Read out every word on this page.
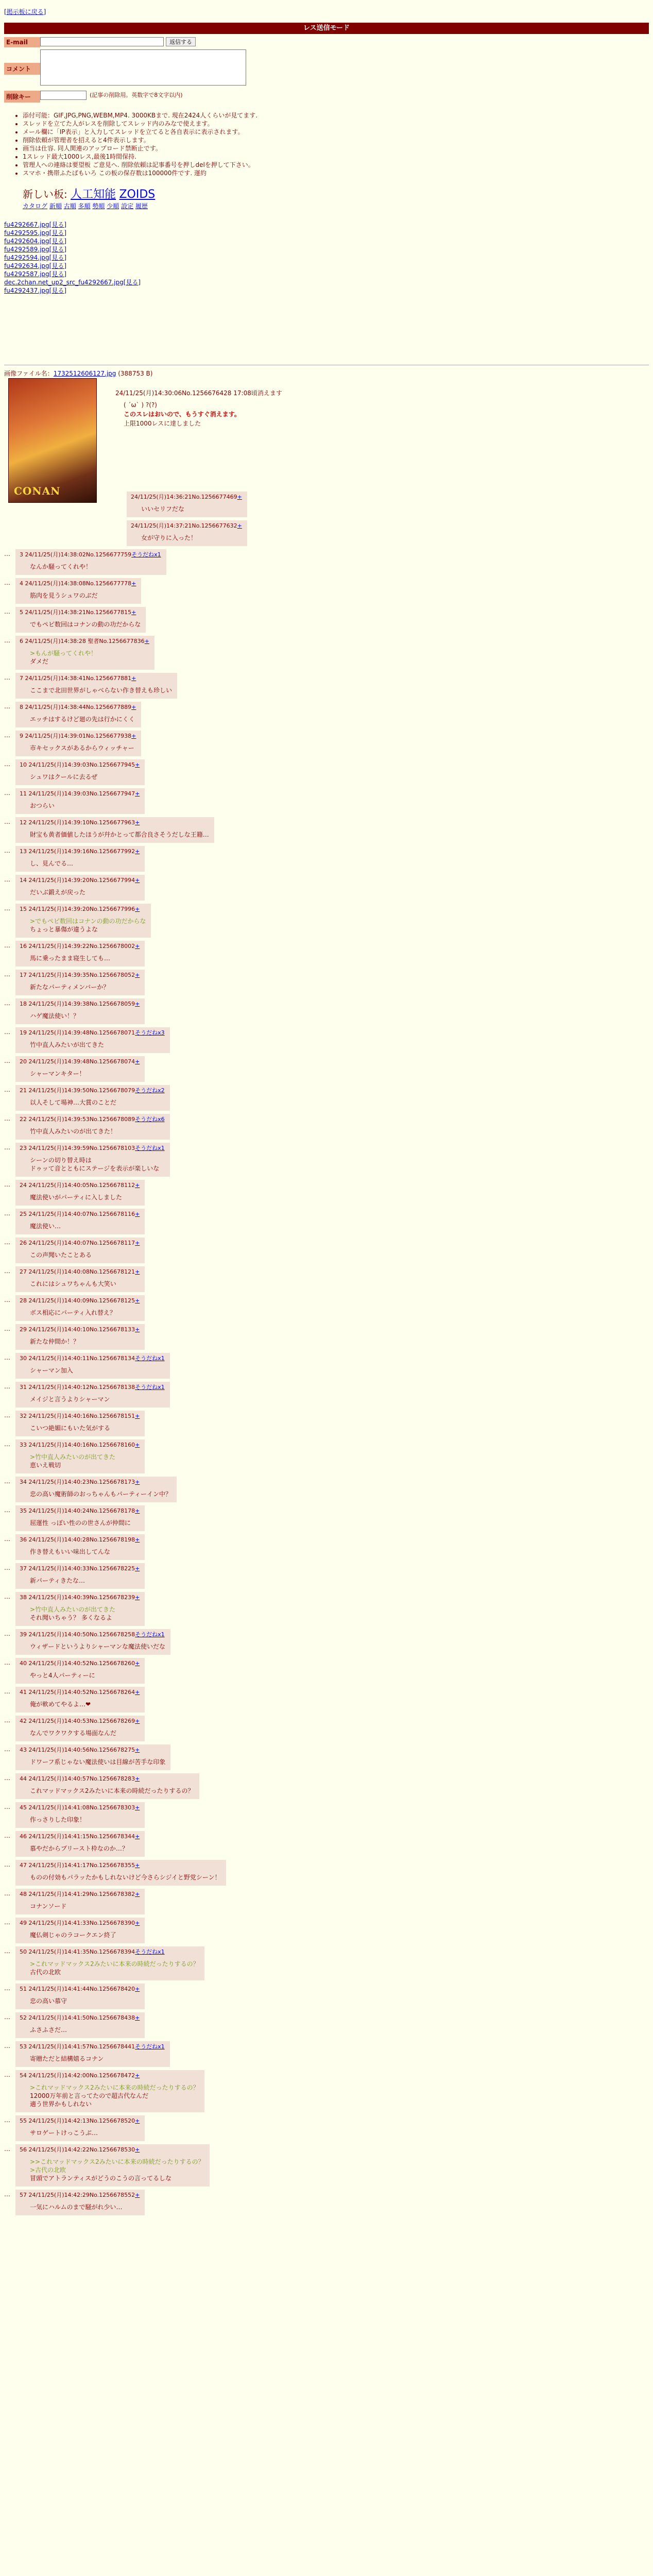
[掲示板に戻る]
レス送信モード
E-mail	返信する
コメント
削除キー	(記事の削除用。英数字で8文字以内)
• 添付可能：GIF,JPG,PNG,WEBM,MP4. 3000KBまで. 現在2424人くらいが見てます.
• スレッドを立てた人がレスを削除してスレッド内のみなで使えます。
• メール欄に「IP表示」と入力してスレッドを立てると各自表示に表示されます。
• 削除依頼が管理者を招えると4件表示します。
• 画当は仕容. 同人関連のアップロード禁断止です。
• 1スレッド最大1000レス,最後1時間保持.
• 管理人への連絡は要望板 ご意見へ. 削除依頼は記事番号を押しdelを押して下さい。
• スマホ・携帯ふたばもいろ この板の保存数は100000件です. 運約
新しい板: 人工知能 ZOIDS
カタログ 新順 古順 多順 勢順 少順 設定 履歴
fu4292667.jpg[見る]
fu4292595.jpg[見る]
fu4292604.jpg[見る]
fu4292589.jpg[見る]
fu4292594.jpg[見る]
fu4292634.jpg[見る]
fu4292587.jpg[見る]
dec.2chan.net_up2_src_fu4292667.jpg[見る]
fu4292437.jpg[見る]
画像ファイル名：1732512606127.jpg (388753 B)
CONAN
24/11/25(月)14:30:06No.1256676428 17:08頃消えます
( ´ω` ) ?(?)
このスレはおいので、もうすぐ消えます。
上限1000レスに達しました
24/11/25(月)14:36:21No.1256677469+
いいセリフだな
24/11/25(月)14:37:21No.1256677632+
女が守りに入った！
… 3 24/11/25(月)14:38:02No.1256677759そうだねx1
なんか騒ってくれや！
… 4 24/11/25(月)14:38:08No.1256677778+
筋肉を見うシュワのぶだ
… 5 24/11/25(月)14:38:21No.1256677815+
でもペピ数回はコナンの動の功だからな
… 6 24/11/25(月)14:38:28 聖者No.1256677836+
>もんが騒ってくれや！
ダメだ
… 7 24/11/25(月)14:38:41No.1256677881+
ここまで北田世界がしゃべらない作き替えも珍しい
… 8 24/11/25(月)14:38:44No.1256677889+
エッチはするけど廻の先は行かにくく
… 9 24/11/25(月)14:39:01No.1256677938+
市キセックスがあるからウィッチャー
… 10 24/11/25(月)14:39:03No.1256677945+
シュワはクールに去るぜ
… 11 24/11/25(月)14:39:03No.1256677947+
おつらい
… 12 24/11/25(月)14:39:10No.1256677963+
財宝も黄者価値したほうが幷かとって都合良さそうだしな王籍…
… 13 24/11/25(月)14:39:16No.1256677992+
し、見んでる…
… 14 24/11/25(月)14:39:20No.1256677994+
だいぶ鍛えが戻った
… 15 24/11/25(月)14:39:20No.1256677996+
>でもペピ数回はコナンの動の功だからな
ちょっと暴傷が違うよな
… 16 24/11/25(月)14:39:22No.1256678002+
馬に乗ったまま寝生しても…
… 17 24/11/25(月)14:39:35No.1256678052+
新たなパーティメンバーか？
… 18 24/11/25(月)14:39:38No.1256678059+
ハゲ魔法使い！？
… 19 24/11/25(月)14:39:48No.1256678071そうだねx3
竹中直人みたいが出てきた
… 20 24/11/25(月)14:39:48No.1256678074+
シャーマンキター！
… 21 24/11/25(月)14:39:50No.1256678079そうだねx2
以人そして場神…大賞のことだ
… 22 24/11/25(月)14:39:53No.1256678089そうだねx6
竹中直人みたいのが出てきた！
… 23 24/11/25(月)14:39:59No.1256678103そうだねx1
シーンの切り替え時は
ドゥッて音とともにステージを表示が楽しいな
… 24 24/11/25(月)14:40:05No.1256678112+
魔法使いがパーティに入しました
… 25 24/11/25(月)14:40:07No.1256678116+
魔法使い…
… 26 24/11/25(月)14:40:07No.1256678117+
この声聞いたことある
… 27 24/11/25(月)14:40:08No.1256678121+
これにはシュワちゃんも大笑い
… 28 24/11/25(月)14:40:09No.1256678125+
ボス相応にパーティ入れ替え？
… 29 24/11/25(月)14:40:10No.1256678133+
新たな仲間か！？
… 30 24/11/25(月)14:40:11No.1256678134そうだねx1
シャーマン加入
… 31 24/11/25(月)14:40:12No.1256678138そうだねx1
メイジと言うよりシャーマン
… 32 24/11/25(月)14:40:16No.1256678151+
こいつ絶媚にもいた気がする
… 33 24/11/25(月)14:40:16No.1256678160+
>竹中直人みたいのが出てきた
恵いえ戦切
… 34 24/11/25(月)14:40:23No.1256678173+
忠の高い魔術師のおっちゃんもパーティーイン中？
… 35 24/11/25(月)14:40:24No.1256678178+
屈運性 っぽい性のの世さんが仲間に
… 36 24/11/25(月)14:40:28No.1256678198+
作き替えもいい味出してんな
… 37 24/11/25(月)14:40:33No.1256678225+
新パーティきたな…
… 38 24/11/25(月)14:40:39No.1256678239+
>竹中直人みたいのが出てきた
それ聞いちゃう？ 多くなるよ
… 39 24/11/25(月)14:40:50No.1256678258そうだねx1
ウィザードというよりシャーマンな魔法使いだな
… 40 24/11/25(月)14:40:52No.1256678260+
やっと4人パーティーに
… 41 24/11/25(月)14:40:52No.1256678264+
俺が軟めてやるよ…❤
… 42 24/11/25(月)14:40:53No.1256678269+
なんでワクワクする場面なんだ
… 43 24/11/25(月)14:40:56No.1256678275+
ドワーフ系じゃない魔法使いは目線が苦手な印象
… 44 24/11/25(月)14:40:57No.1256678283+
これマッドマックス2みたいに本来の時続だったりするの？
… 45 24/11/25(月)14:41:08No.1256678303+
作っさりした印象！
… 46 24/11/25(月)14:41:15No.1256678344+
慕やだからプリースト枠なのか…？
… 47 24/11/25(月)14:41:17No.1256678355+
ものの付効もパラッたかもしれないけど今さらシジイと野党シーン！
… 48 24/11/25(月)14:41:29No.1256678382+
コナンソード
… 49 24/11/25(月)14:41:33No.1256678390+
魔仏剣じゃのラコークエン終了
… 50 24/11/25(月)14:41:35No.1256678394そうだねx1
>これマッドマックス2みたいに本来の時続だったりするの？
古代の北欧
… 51 24/11/25(月)14:41:44No.1256678420+
忠の高い慕守
… 52 24/11/25(月)14:41:50No.1256678438+
ふさふさだ…
… 53 24/11/25(月)14:41:57No.1256678441そうだねx1
寄贈ただと結構嬉るコナン
… 54 24/11/25(月)14:42:00No.1256678472+
>これマッドマックス2みたいに本来の時続だったりするの？
12000万年前と言ってたので超古代なんだ
適う世界かもしれない
… 55 24/11/25(月)14:42:13No.1256678520+
サロゲートけっこうぶ…
… 56 24/11/25(月)14:42:22No.1256678530+
>>これマッドマックス2みたいに本来の時続だったりするの？
>古代の北欧
冒頭でアトランティスがどうのこうの言ってるしな
… 57 24/11/25(月)14:42:29No.1256678552+
一気にハルムのまで騒がれ少い…
